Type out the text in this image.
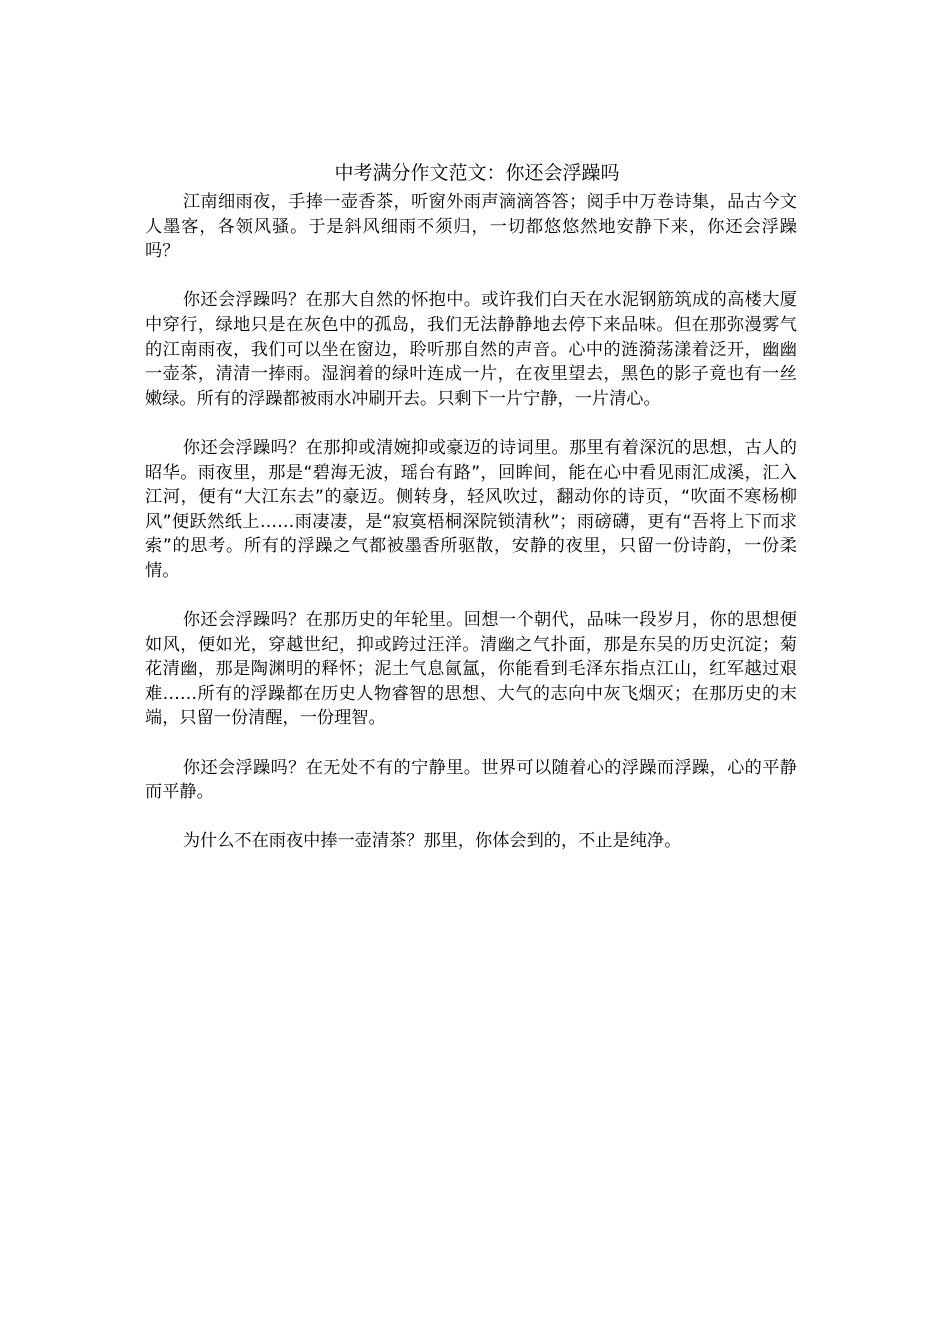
中考满分作文范文：你还会浮躁吗

江南细雨夜，手捧一壶香茶，听窗外雨声滴滴答答；阅手中万卷诗集，品古今文人墨客，各领风骚。于是斜风细雨不须归，一切都悠悠然地安静下来，你还会浮躁吗？

你还会浮躁吗？在那大自然的怀抱中。或许我们白天在水泥钢筋筑成的高楼大厦中穿行，绿地只是在灰色中的孤岛，我们无法静静地去停下来品味。但在那弥漫雾气的江南雨夜，我们可以坐在窗边，聆听那自然的声音。心中的涟漪荡漾着泛开，幽幽一壶茶，清清一捧雨。湿润着的绿叶连成一片，在夜里望去，黑色的影子竟也有一丝嫩绿。所有的浮躁都被雨水冲刷开去。只剩下一片宁静，一片清心。

你还会浮躁吗？在那抑或清婉抑或豪迈的诗词里。那里有着深沉的思想，古人的昭华。雨夜里，那是“碧海无波，瑶台有路”，回眸间，能在心中看见雨汇成溪，汇入江河，便有“大江东去”的豪迈。侧转身，轻风吹过，翻动你的诗页，“吹面不寒杨柳风”便跃然纸上……雨凄凄，是“寂寞梧桐深院锁清秋”；雨磅礴，更有“吾将上下而求索”的思考。所有的浮躁之气都被墨香所驱散，安静的夜里，只留一份诗韵，一份柔情。

你还会浮躁吗？在那历史的年轮里。回想一个朝代，品味一段岁月，你的思想便如风，便如光，穿越世纪，抑或跨过汪洋。清幽之气扑面，那是东吴的历史沉淀；菊花清幽，那是陶渊明的释怀；泥土气息氤氲，你能看到毛泽东指点江山，红军越过艰难……所有的浮躁都在历史人物睿智的思想、大气的志向中灰飞烟灭；在那历史的末端，只留一份清醒，一份理智。

你还会浮躁吗？在无处不有的宁静里。世界可以随着心的浮躁而浮躁，心的平静而平静。

为什么不在雨夜中捧一壶清茶？那里，你体会到的，不止是纯净。
